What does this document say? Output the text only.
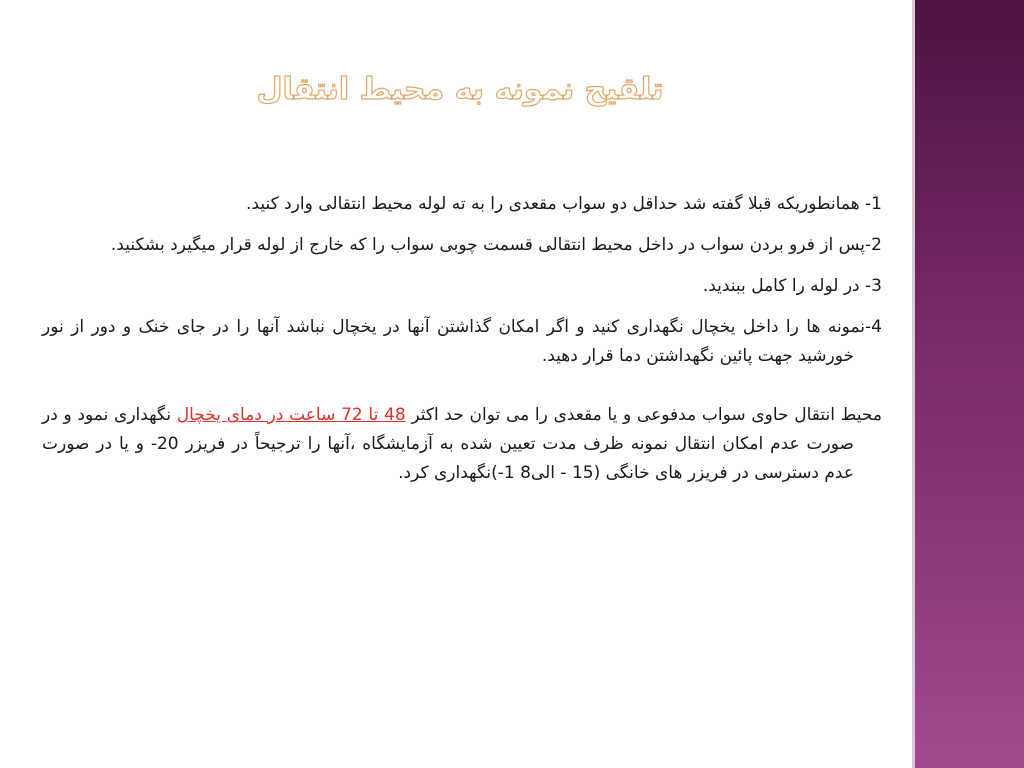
تلقیح نمونه به محیط انتقال

1- همانطوریکه قبلا گفته شد حداقل دو سواب مقعدی را به ته لوله محیط انتقالی وارد کنید.

2-پس از فرو بردن سواب در داخل محیط انتقالی قسمت چوبی سواب را که خارج از لوله قرار میگیرد بشکنید.

3- در لوله را کامل ببندید.

4-نمونه ها را داخل یخچال نگهداری کنید و اگر امکان گذاشتن آنها در یخچال نباشد آنها را در جای خنک و دور از نور خورشید جهت پائین نگهداشتن دما قرار دهید.

محیط انتقال حاوی سواب مدفوعی و یا مقعدی را می توان حد اکثر 48 تا 72 ساعت در دمای یخچال نگهداری نمود و در صورت عدم امکان انتقال نمونه ظرف مدت تعیین شده به آزمایشگاه ،آنها را ترجیحاً در فریزر 20- و یا در صورت عدم دسترسی در فریزر های خانگی (15 - الی8 1-)نگهداری کرد.
